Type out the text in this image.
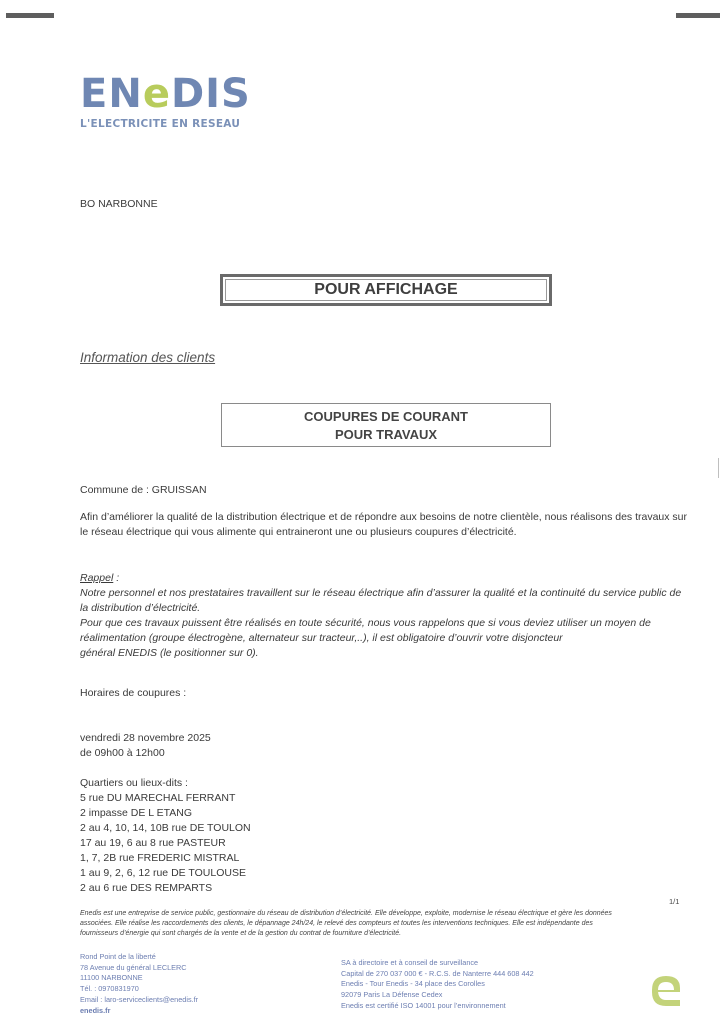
ENeDIS
L'ELECTRICITE EN RESEAU
BO NARBONNE
POUR AFFICHAGE
Information des clients
COUPURES DE COURANT
POUR TRAVAUX
Commune de : GRUISSAN
Afin d’améliorer la qualité de la distribution électrique et de répondre aux besoins de notre clientèle, nous réalisons des travaux sur le réseau électrique qui vous alimente qui entraineront une ou plusieurs coupures d’électricité.
Rappel :
Notre personnel et nos prestataires travaillent sur le réseau électrique afin d’assurer la qualité et la continuité du service public de la distribution d’électricité.
Pour que ces travaux puissent être réalisés en toute sécurité, nous vous rappelons que si vous deviez utiliser un moyen de
réalimentation (groupe électrogène, alternateur sur tracteur,..), il est obligatoire d’ouvrir votre disjoncteur
général ENEDIS (le positionner sur 0).
Horaires de coupures :
vendredi 28 novembre 2025
de 09h00 à 12h00
Quartiers ou lieux-dits :
5 rue DU MARECHAL FERRANT
2 impasse DE L ETANG
2 au 4, 10, 14, 10B rue DE TOULON
17 au 19, 6 au 8 rue PASTEUR
1, 7, 2B rue FREDERIC MISTRAL
1 au 9, 2, 6, 12 rue DE TOULOUSE
2 au 6 rue DES REMPARTS
1/1
Enedis est une entreprise de service public, gestionnaire du réseau de distribution d’électricité. Elle développe, exploite, modernise le réseau électrique et gère les données
associées. Elle réalise les raccordements des clients, le dépannage 24h/24, le relevé des compteurs et toutes les interventions techniques. Elle est indépendante des
fournisseurs d’énergie qui sont chargés de la vente et de la gestion du contrat de fourniture d’électricité.
Rond Point de la liberté
78 Avenue du général LECLERC
11100 NARBONNE
Tél. : 0970831970
Email : laro-serviceclients@enedis.fr
enedis.fr
SA à directoire et à conseil de surveillance
Capital de 270 037 000 € - R.C.S. de Nanterre 444 608 442
Enedis - Tour Enedis - 34 place des Corolles
92079 Paris La Défense Cedex
Enedis est certifié ISO 14001 pour l’environnement
